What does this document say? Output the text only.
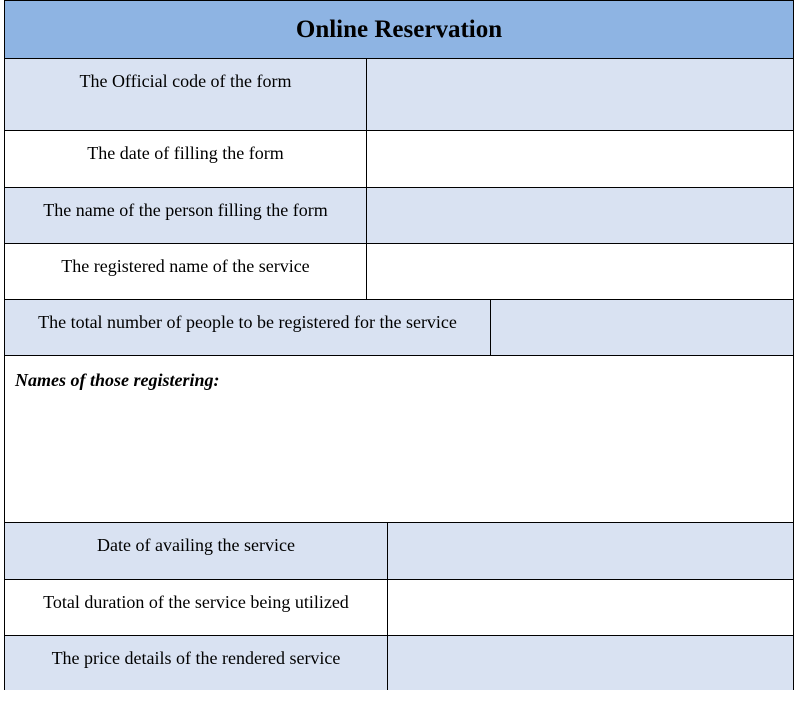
Online Reservation
The Official code of the form
The date of filling the form
The name of the person filling the form
The registered name of the service
The total number of people to be registered for the service
Names of those registering:
Date of availing the service
Total duration of the service being utilized
The price details of the rendered service
